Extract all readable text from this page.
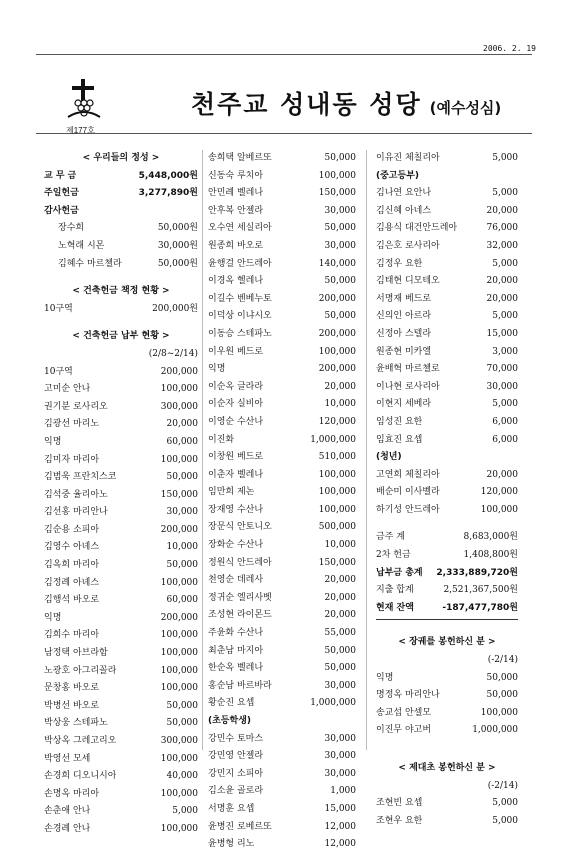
2006. 2. 19
제177호
천주교 성내동 성당 (예수성심)
< 우리들의 정성 >
교 무 금	5,448,000원
주일헌금	3,277,890원
감사헌금
장수희	50,000원
노혁래 시몬	30,000원
김혜수 마르첼라	50,000원
< 건축헌금 책정 현황 >
10구역	200,000원
< 건축헌금 납부 현황 >
(2/8~2/14)
10구역	200,000
고미순 안나	100,000
권기분 로사리오	300,000
김광선 마리노	20,000
익명	60,000
김미자 마리아	100,000
김범욱 프란치스코	50,000
김석중 율리아노	150,000
김선홍 마리안나	30,000
김순용 소피아	200,000
김영수 아녜스	10,000
김옥희 마리아	50,000
김정례 아녜스	100,000
김행석 바오로	60,000
익명	200,000
김희수 마리아	100,000
남정택 아브라함	100,000
노광호 아그리꼴라	100,000
문창홍 바오로	100,000
박병선 바오로	50,000
박상웅 스테파노	50,000
박상옥 그레고리오	300,000
박영선 모세	100,000
손경희 디오니시아	40,000
손명옥 마리아	100,000
손춘애 안나	5,000
손경례 안나	100,000
송희택 알베르또	50,000
신동숙 루치아	100,000
안민례 벨레나	150,000
안후복 안젤라	30,000
오수연 세실리아	50,000
원종희 바오로	30,000
윤행걸 안드레아	140,000
이경옥 헬레나	50,000
이길수 벤베누토	200,000
이덕상 이냐시오	50,000
이동승 스테파노	200,000
이우원 베드로	100,000
익명	200,000
이순옥 글라라	20,000
이순자 실비아	10,000
이영순 수산나	120,000
이진화	1,000,000
이창원 베드로	510,000
이춘자 벨레나	100,000
임만희 제논	100,000
장재영 수산나	100,000
장문식 안토니오	500,000
장화순 수산나	10,000
정원식 안드레아	150,000
천영순 데레사	20,000
정귀순 엘리사벳	20,000
조성현 라이몬드	20,000
주윤화 수산나	55,000
최춘남 마지아	50,000
한순옥 벨레나	50,000
홍순남 바르바라	30,000
황순진 요셉	1,000,000
(초등학생)
강민수 토마스	30,000
강민영 안젤라	30,000
강민지 소피아	30,000
김소윤 골로라	1,000
서명훈 요셉	15,000
윤병진 로베르또	12,000
윤병형 리노	12,000
이유진 체칠리아	5,000
(중고등부)
김나연 요안나	5,000
김신혜 아네스	20,000
김용식 대건안드레아	76,000
김은호 로사리아	32,000
김정우 요한	5,000
김태현 디모테오	20,000
서명재 베드로	20,000
신의인 아르라	5,000
신정아 스텔라	15,000
원종현 미카엘	3,000
윤배혁 마르첼로	70,000
이나현 로사리아	30,000
이현지 세베라	5,000
임성진 요한	6,000
임효진 요셉	6,000
(청년)
고연희 체칠리아	20,000
배순미 이사벨라	120,000
하기성 안드레아	100,000
금주 계	8,683,000원
2차 헌금	1,408,800원
납부금 총계 2,333,889,720원
지출 합계	2,521,367,500원
현재 잔액	-187,477,780원
< 장궤를 봉헌하신 분 >
(-2/14)
익명	50,000
명정옥 마리안나	50,000
송교섭 안셀모	100,000
이진무 야고버	1,000,000
< 제대초 봉헌하신 분 >
(-2/14)
조현빈 요셉	5,000
조현우 요한	5,000
